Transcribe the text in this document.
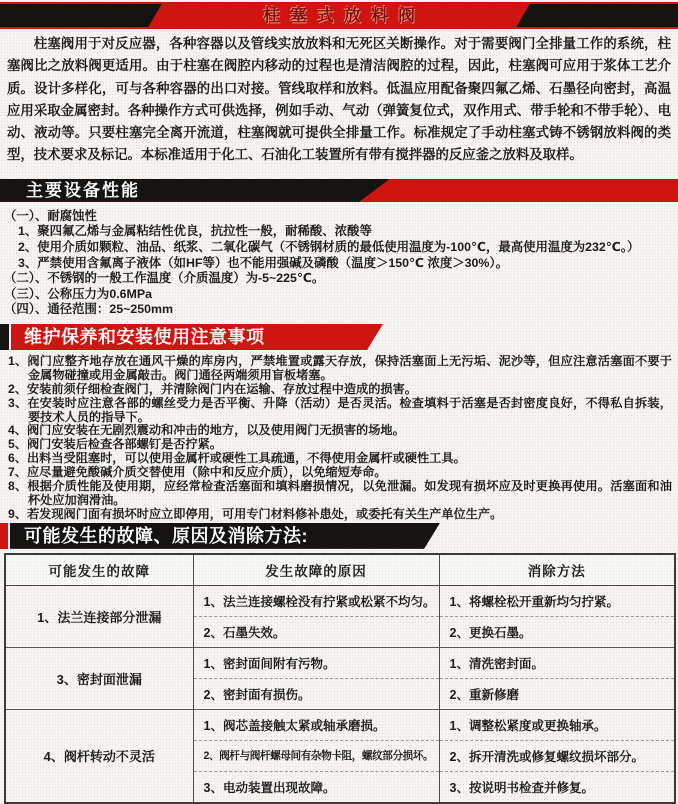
柱塞式放料阀

柱塞阀用于对反应器，各种容器以及管线实放放料和无死区关断操作。对于需要阀门全排量工作的系统，柱塞阀比之放料阀更适用。由于柱塞在阀腔内移动的过程也是清洁阀腔的过程，因此，柱塞阀可应用于浆体工艺介质。设计多样化，可与各种容器的出口对接。管线取样和放料。低温应用配备聚四氟乙烯、石墨径向密封，高温应用采取金属密封。各种操作方式可供选择，例如手动、气动（弹簧复位式，双作用式、带手轮和不带手轮）、电动、液动等。只要柱塞完全离开流道，柱塞阀就可提供全排量工作。标准规定了手动柱塞式铸不锈钢放料阀的类型，技术要求及标记。本标准适用于化工、石油化工装置所有带有搅拌器的反应釜之放料及取样。

主要设备性能
（一）、耐腐蚀性
1、聚四氟乙烯与金属粘结性优良，抗拉性一般，耐稀酸、浓酸等
2、使用介质如颗粒、油品、纸浆、二氧化碳气（不锈钢材质的最低使用温度为-100℃，最高使用温度为232℃。）
3、严禁使用含氟离子液体（如HF等）也不能用强碱及磷酸（温度＞150℃ 浓度＞30%）。
（二）、不锈钢的一般工作温度（介质温度）为-5~225℃。
（三）、公称压力为0.6MPa
（四）、通径范围：25~250mm
维护保养和安装使用注意事项
1、阀门应整齐地存放在通风干燥的库房内，严禁堆置或露天存放，保持活塞面上无污垢、泥沙等，但应注意活塞面不要于金属物碰撞或用金属敲击。阀门通径两端须用盲板堵塞。
2、安装前须仔细检查阀门，并清除阀门内在运输、存放过程中造成的损害。
3、在安装时应注意各部的螺丝受力是否平衡、升降（活动）是否灵活。检查填料于活塞是否封密度良好，不得私自拆装，要技术人员的指导下。
4、阀门应安装在无剧烈震动和冲击的地方，以及使用阀门无损害的场地。
5、阀门安装后检查各部螺钉是否拧紧。
6、出料当受阻塞时，可以使用金属杆或硬性工具疏通，不得使用金属杆或硬性工具。
7、应尽量避免酸碱介质交替使用（除中和反应介质），以免缩短寿命。
8、根据介质性能及使用期，应经常检查活塞面和填料磨损情况，以免泄漏。如发现有损坏应及时更换再使用。活塞面和油杯处应加润滑油。
9、若发现阀门面有损坏时应立即停用，可用专门材料修补患处，或委托有关生产单位生产。
可能发生的故障、原因及消除方法:
可能发生的故障	发生故障的原因	消除方法
1、法兰连接部分泄漏	1、法兰连接螺栓没有拧紧或松紧不均匀。	1、将螺栓松开重新均匀拧紧。
	2、石墨失效。	2、更换石墨。
3、密封面泄漏	1、密封面间附有污物。	1、清洗密封面。
	2、密封面有损伤。	2、重新修磨
4、阀杆转动不灵活	1、阀芯盖接触太紧或轴承磨损。	1、调整松紧度或更换轴承。
	2、阀杆与阀杆螺母间有杂物卡阻，螺纹部分损坏。	2、拆开清洗或修复螺纹损坏部分。
	3、电动装置出现故障。	3、按说明书检查并修复。
